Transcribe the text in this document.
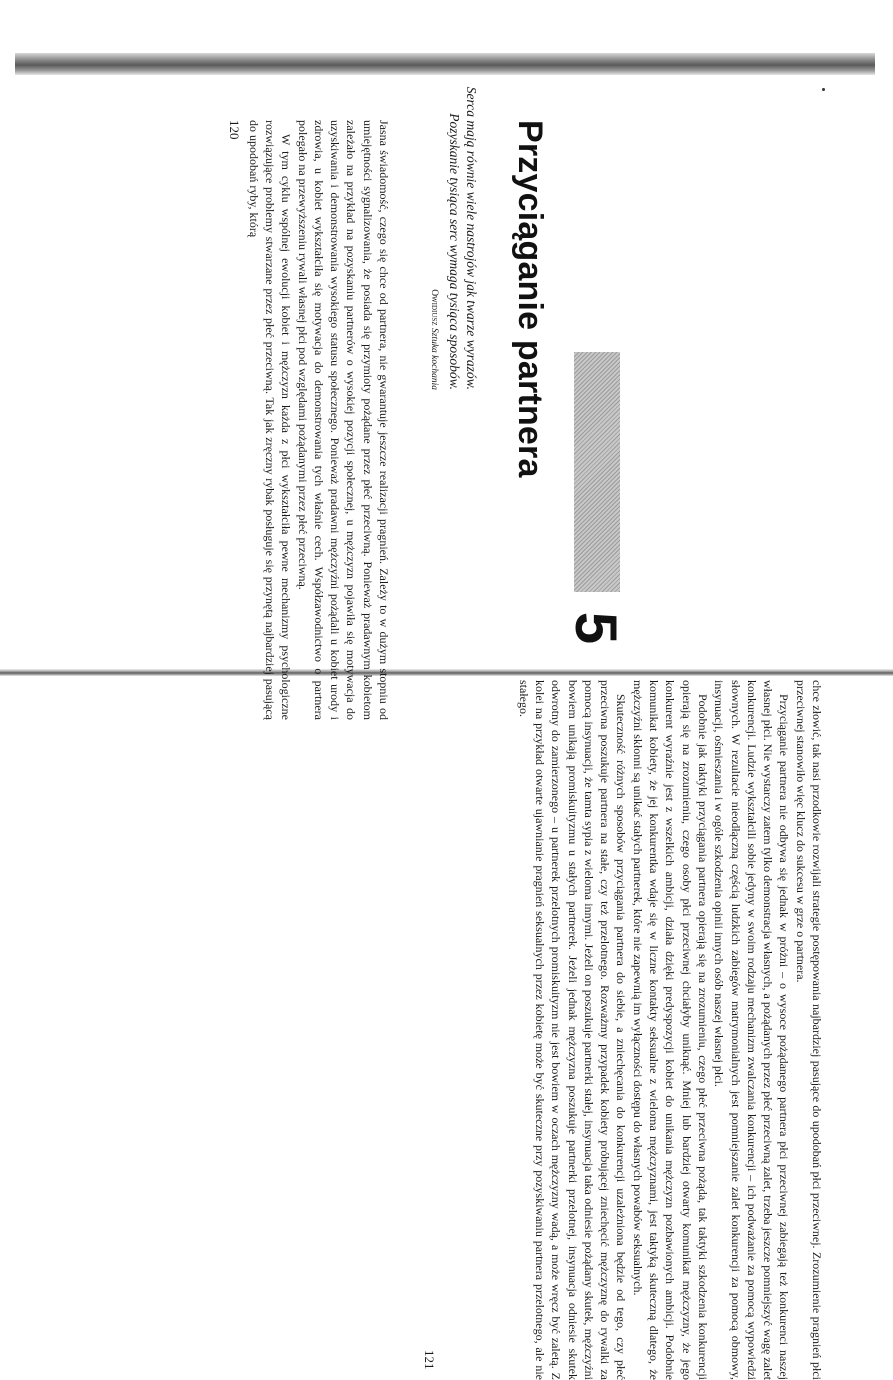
5
Przyciąganie partnera
Serca mają równie wiele nastrojów jak twarze wyrazów.
Pozyskanie tysiąca serc wymaga tysiąca sposobów.
Owidiusz Sztuka kochania

Jasna świadomość, czego się chce od partnera, nie gwarantuje jeszcze realizacji pragnień. Zależy to w dużym stopniu od umiejętności sygnalizowania, że posiada się przymioty pożądane przez płeć przeciwną. Ponieważ pradawnym kobietom zależało na przykład na pozyskaniu partnerów o wysokiej pozycji społecznej, u mężczyzn pojawiła się motywacja do uzyskiwania i demonstrowania wysokiego statusu społecznego. Ponieważ pradawni mężczyźni pożądali u kobiet urody i zdrowia, u kobiet wykształciła się motywacja do demonstrowania tych właśnie cech. Współzawodnictwo o partnera polegało na przewyższeniu rywali własnej płci pod względami pożądanymi przez płeć przeciwną.

W tym cyklu wspólnej ewolucji kobiet i mężczyzn każda z płci wykształciła pewne mechanizmy psychologiczne rozwiązujące problemy stwarzane przez płeć przeciwną. Tak jak zręczny rybak posługuje się przynętą najbardziej pasującą do upodobań ryby, którą

120

chce złowić, tak nasi przodkowie rozwijali strategie postępowania najbardziej pasujące do upodobań płci przeciwnej. Zrozumienie pragnień płci przeciwnej stanowiło więc klucz do sukcesu w grze o partnera.

Przyciąganie partnera nie odbywa się jednak w próżni – o wysoce pożądanego partnera płci przeciwnej zabiegają też konkurenci naszej własnej płci. Nie wystarczy zatem tylko demonstracja własnych, a pożądanych przez płeć przeciwną zalet, trzeba jeszcze pomniejszyć wagę zalet konkurencji. Ludzie wykształcili sobie jedyny w swoim rodzaju mechanizm zwalczania konkurencji – ich podważanie za pomocą wypowiedzi słownych. W rezultacie nieodłączną częścią ludzkich zabiegów matrymonialnych jest pomniejszanie zalet konkurencji za pomocą obmowy, insynuacji, ośmieszania i w ogóle szkodzenia opinii innych osób naszej własnej płci.

Podobnie jak taktyki przyciągania partnera opierają się na zrozumieniu, czego płeć przeciwna pożąda, tak taktyki szkodzenia konkurencji opierają się na zrozumieniu, czego osoby płci przeciwnej chciałyby uniknąć. Mniej lub bardziej otwarty komunikat mężczyzny, że jego konkurent wyraźnie jest z wszelkich ambicji, działa dzięki predyspozycji kobiet do unikania mężczyzn pozbawionych ambicji. Podobnie komunikat kobiety, że jej konkurentka wdaje się w liczne kontakty seksualne z wieloma mężczyznami, jest taktyką skuteczną dlatego, że mężczyźni skłonni są unikać stałych partnerek, które nie zapewnią im wyłączności dostępu do własnych powabów seksualnych.

Skuteczność różnych sposobów przyciągania partnera do siebie, a zniechęcania do konkurencji uzależniona będzie od tego, czy płeć przeciwna poszukuje partnera na stałe, czy też przelotnego. Rozważmy przypadek kobiety próbującej zniechęcić mężczyznę do rywalki za pomocą insynuacji, że tamta sypia z wieloma innymi. Jeżeli on poszukuje partnerki stałej, insynuacja taka odniesie pożądany skutek, mężczyźni bowiem unikają promiskuityzmu u stałych partnerek. Jeżeli jednak mężczyzna poszukuje partnerki przelotnej, insynuacja odniesie skutek odwrotny do zamierzonego – u partnerek przelotnych promiskuityzm nie jest bowiem w oczach mężczyzny wadą, a może wręcz być zaletą. Z kolei na przykład otwarte ujawnianie pragnień seksualnych przez kobietę może być skuteczne przy pozyskiwaniu partnera przelotnego, ale nie stałego.

121
